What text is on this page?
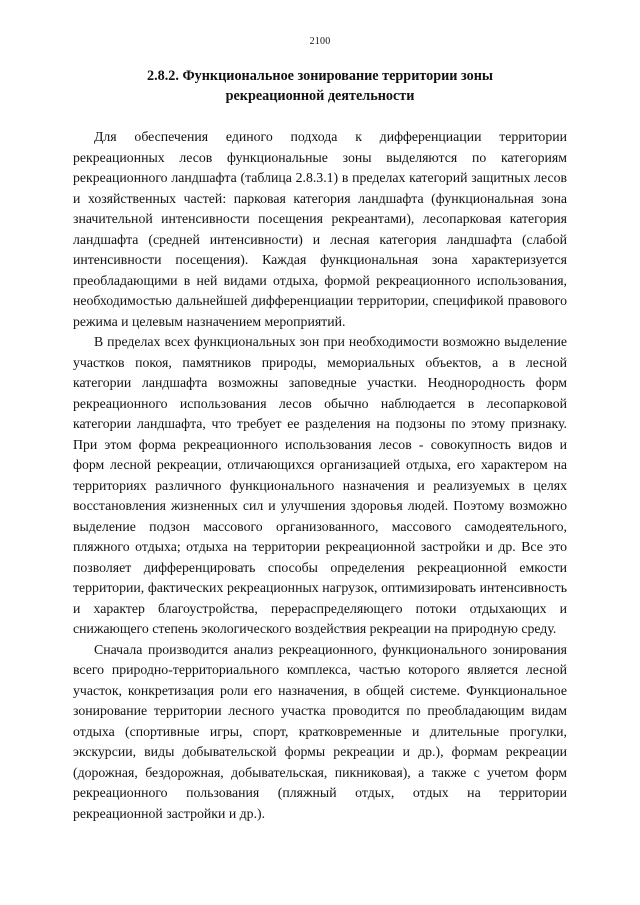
2100
2.8.2. Функциональное зонирование территории зоны
рекреационной деятельности

Для обеспечения единого подхода к дифференциации территории рекреационных лесов функциональные зоны выделяются по категориям рекреационного ландшафта (таблица 2.8.3.1) в пределах категорий защитных лесов и хозяйственных частей: парковая категория ландшафта (функциональная зона значительной интенсивности посещения рекреантами), лесопарковая категория ландшафта (средней интенсивности) и лесная категория ландшафта (слабой интенсивности посещения). Каждая функциональная зона характеризуется преобладающими в ней видами отдыха, формой рекреационного использования, необходимостью дальнейшей дифференциации территории, спецификой правового режима и целевым назначением мероприятий.

В пределах всех функциональных зон при необходимости возможно выделение участков покоя, памятников природы, мемориальных объектов, а в лесной категории ландшафта возможны заповедные участки. Неоднородность форм рекреационного использования лесов обычно наблюдается в лесопарковой категории ландшафта, что требует ее разделения на подзоны по этому признаку. При этом форма рекреационного использования лесов - совокупность видов и форм лесной рекреации, отличающихся организацией отдыха, его характером на территориях различного функционального назначения и реализуемых в целях восстановления жизненных сил и улучшения здоровья людей. Поэтому возможно выделение подзон массового организованного, массового самодеятельного, пляжного отдыха; отдыха на территории рекреационной застройки и др. Все это позволяет дифференцировать способы определения рекреационной емкости территории, фактических рекреационных нагрузок, оптимизировать интенсивность и характер благоустройства, перераспределяющего потоки отдыхающих и снижающего степень экологического воздействия рекреации на природную среду.

Сначала производится анализ рекреационного, функционального зонирования всего природно-территориального комплекса, частью которого является лесной участок, конкретизация роли его назначения, в общей системе. Функциональное зонирование территории лесного участка проводится по преобладающим видам отдыха (спортивные игры, спорт, кратковременные и длительные прогулки, экскурсии, виды добывательской формы рекреации и др.), формам рекреации (дорожная, бездорожная, добывательская, пикниковая), а также с учетом форм рекреационного пользования (пляжный отдых, отдых на территории рекреационной застройки и др.).
